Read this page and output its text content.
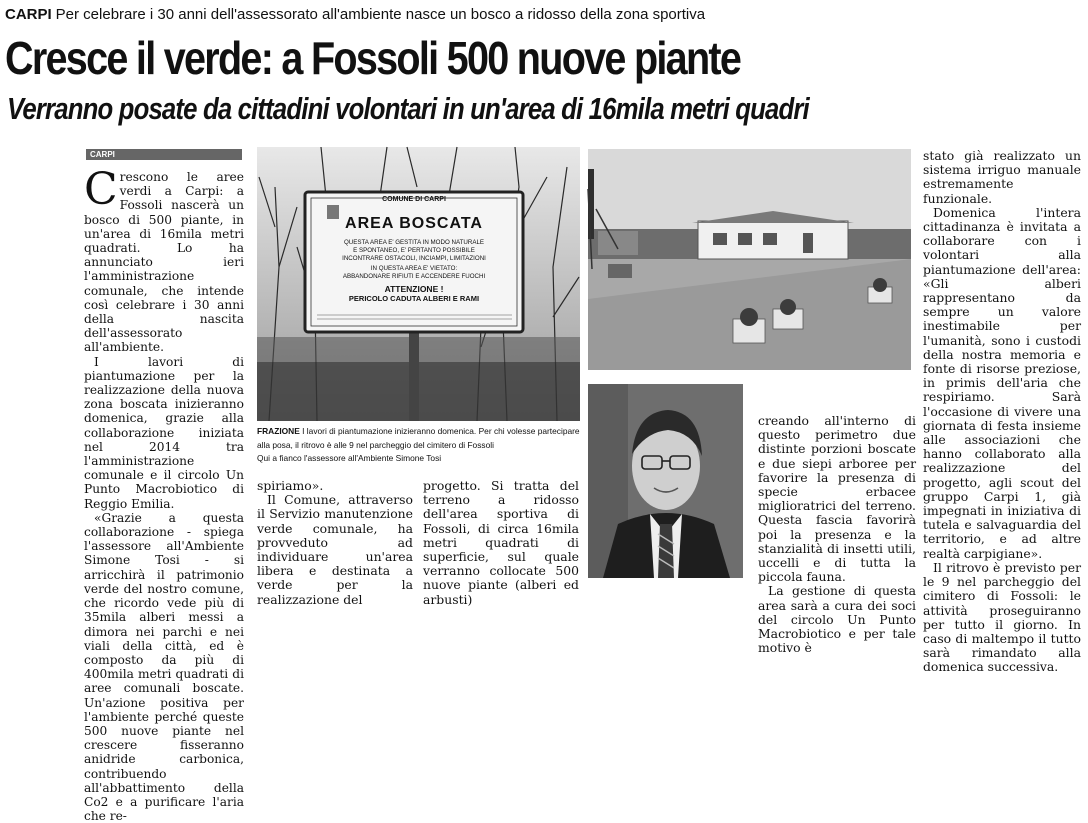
CARPI Per celebrare i 30 anni dell'assessorato all'ambiente nasce un bosco a ridosso della zona sportiva
Cresce il verde: a Fossoli 500 nuove piante
Verranno posate da cittadini volontari in un'area di 16mila metri quadri
CARPI

Crescono le aree verdi a Carpi: a Fossoli nascerà un bosco di 500 piante, in un'area di 16mila metri quadrati. Lo ha annunciato ieri l'amministrazione comunale, che intende così celebrare i 30 anni della nascita dell'assessorato all'ambiente.

I lavori di piantumazione per la realizzazione della nuova zona boscata inizieranno domenica, grazie alla collaborazione iniziata nel 2014 tra l'amministrazione comunale e il circolo Un Punto Macrobiotico di Reggio Emilia.

«Grazie a questa collaborazione - spiega l'assessore all'Ambiente Simone Tosi - si arricchirà il patrimonio verde del nostro comune, che ricordo vede più di 35mila alberi messi a dimora nei parchi e nei viali della città, ed è composto da più di 400mila metri quadrati di aree comunali boscate. Un'azione positiva per l'ambiente perché queste 500 nuove piante nel crescere fisseranno anidride carbonica, contribuendo all'abbattimento della Co2 e a purificare l'aria che re-

COMUNE DI CARPI
AREA BOSCATA
QUESTA AREA E' GESTITA IN MODO NATURALE
E SPONTANEO, E' PERTANTO POSSIBILE
INCONTRARE OSTACOLI, INCIAMPI, LIMITAZIONI
IN QUESTA AREA E' VIETATO:
ABBANDONARE RIFIUTI E ACCENDERE FUOCHI
ATTENZIONE !
PERICOLO CADUTA ALBERI E RAMI
FRAZIONE I lavori di piantumazione inizieranno domenica. Per chi volesse partecipare alla posa, il ritrovo è alle 9 nel parcheggio del cimitero di Fossoli
Qui a fianco l'assessore all'Ambiente Simone Tosi

spiriamo».

Il Comune, attraverso il Servizio manutenzione verde comunale, ha provveduto ad individuare un'area libera e destinata a verde per la realizzazione del

progetto. Si tratta del terreno a ridosso dell'area sportiva di Fossoli, di circa 16mila metri quadrati di superficie, sul quale verranno collocate 500 nuove piante (alberi ed arbusti)

creando all'interno di questo perimetro due distinte porzioni boscate e due siepi arboree per favorire la presenza di specie erbacee miglioratrici del terreno. Questa fascia favorirà poi la presenza e la stanzialità di insetti utili, uccelli e di tutta la piccola fauna.

La gestione di questa area sarà a cura dei soci del circolo Un Punto Macrobiotico e per tale motivo è

stato già realizzato un sistema irriguo manuale estremamente funzionale.

Domenica l'intera cittadinanza è invitata a collaborare con i volontari alla piantumazione dell'area: «Gli alberi rappresentano da sempre un valore inestimabile per l'umanità, sono i custodi della nostra memoria e fonte di risorse preziose, in primis dell'aria che respiriamo. Sarà l'occasione di vivere una giornata di festa insieme alle associazioni che hanno collaborato alla realizzazione del progetto, agli scout del gruppo Carpi 1, già impegnati in iniziativa di tutela e salvaguardia del territorio, e ad altre realtà carpigiane».

Il ritrovo è previsto per le 9 nel parcheggio del cimitero di Fossoli: le attività proseguiranno per tutto il giorno. In caso di maltempo il tutto sarà rimandato alla domenica successiva.
